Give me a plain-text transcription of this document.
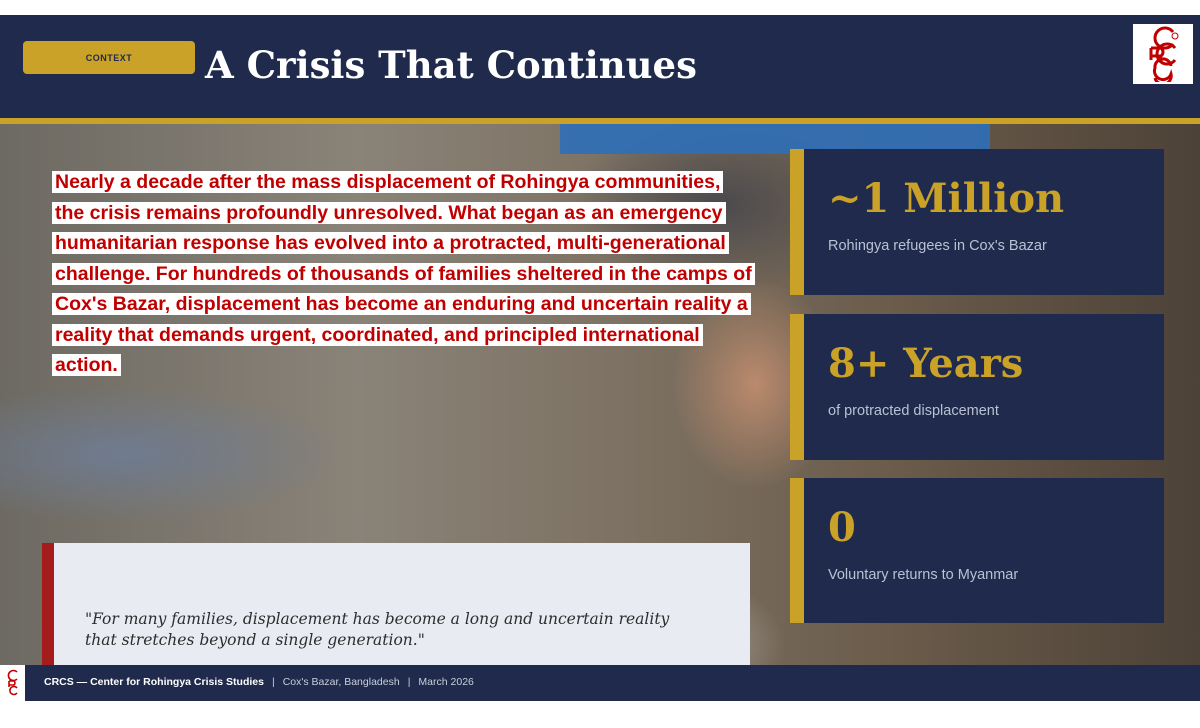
CONTEXT	A Crisis That Continues
Nearly a decade after the mass displacement of Rohingya communities, the crisis remains profoundly unresolved. What began as an emergency humanitarian response has evolved into a protracted, multi-generational challenge. For hundreds of thousands of families sheltered in the camps of Cox's Bazar, displacement has become an enduring and uncertain reality a reality that demands urgent, coordinated, and principled international action.
"For many families, displacement has become a long and uncertain reality that stretches beyond a single generation."
~1 Million
Rohingya refugees in Cox's Bazar
8+ Years
of protracted displacement
0
Voluntary returns to Myanmar
CRCS — Center for Rohingya Crisis Studies | Cox's Bazar, Bangladesh | March 2026
